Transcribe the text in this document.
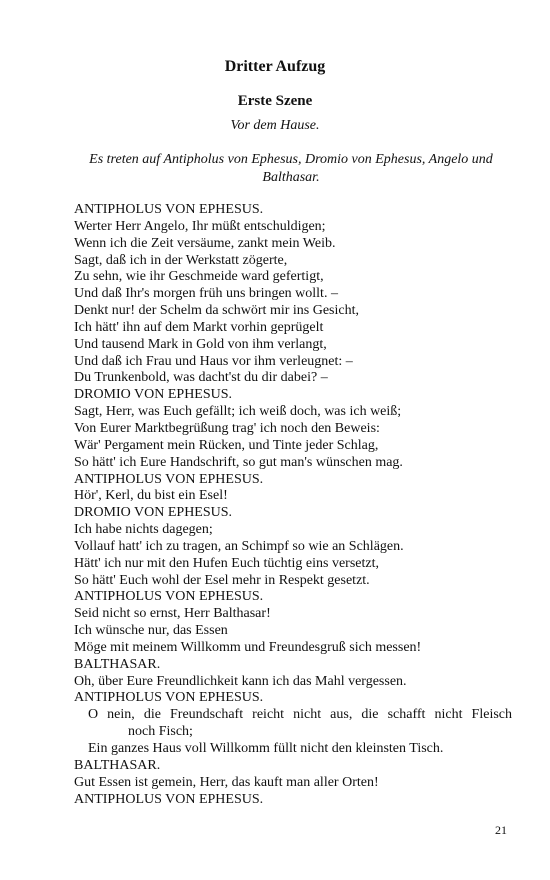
Dritter Aufzug
Erste Szene
Vor dem Hause.
Es treten auf Antipholus von Ephesus, Dromio von Ephesus, Angelo und Balthasar.
ANTIPHOLUS VON EPHESUS.
Werter Herr Angelo, Ihr müßt entschuldigen;
Wenn ich die Zeit versäume, zankt mein Weib.
Sagt, daß ich in der Werkstatt zögerte,
Zu sehn, wie ihr Geschmeide ward gefertigt,
Und daß Ihr's morgen früh uns bringen wollt. –
Denkt nur! der Schelm da schwört mir ins Gesicht,
Ich hätt' ihn auf dem Markt vorhin geprügelt
Und tausend Mark in Gold von ihm verlangt,
Und daß ich Frau und Haus vor ihm verleugnet: –
Du Trunkenbold, was dacht'st du dir dabei? –
DROMIO VON EPHESUS.
Sagt, Herr, was Euch gefällt; ich weiß doch, was ich weiß;
Von Eurer Marktbegrüßung trag' ich noch den Beweis:
Wär' Pergament mein Rücken, und Tinte jeder Schlag,
So hätt' ich Eure Handschrift, so gut man's wünschen mag.
ANTIPHOLUS VON EPHESUS.
Hör', Kerl, du bist ein Esel!
DROMIO VON EPHESUS.
Ich habe nichts dagegen;
Vollauf hatt' ich zu tragen, an Schimpf so wie an Schlägen.
Hätt' ich nur mit den Hufen Euch tüchtig eins versetzt,
So hätt' Euch wohl der Esel mehr in Respekt gesetzt.
ANTIPHOLUS VON EPHESUS.
Seid nicht so ernst, Herr Balthasar!
Ich wünsche nur, das Essen
Möge mit meinem Willkomm und Freundesgruß sich messen!
BALTHASAR.
Oh, über Eure Freundlichkeit kann ich das Mahl vergessen.
ANTIPHOLUS VON EPHESUS.
O nein, die Freundschaft reicht nicht aus, die schafft nicht Fleisch
noch Fisch;
Ein ganzes Haus voll Willkomm füllt nicht den kleinsten Tisch.
BALTHASAR.
Gut Essen ist gemein, Herr, das kauft man aller Orten!
ANTIPHOLUS VON EPHESUS.
21
